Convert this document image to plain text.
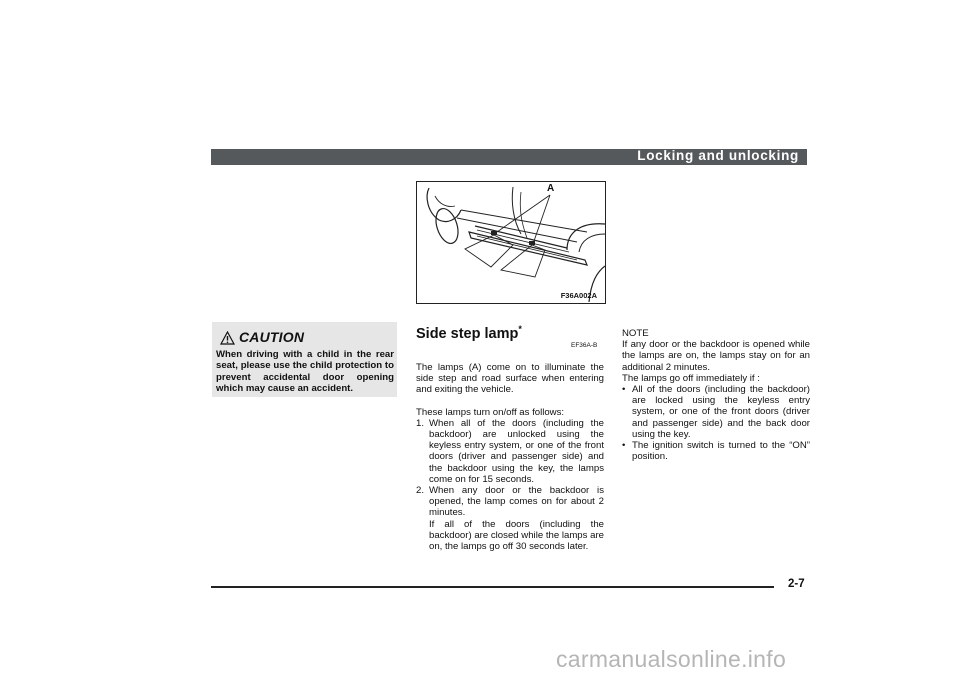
Locking and unlocking
A
F36A002A
CAUTION

When driving with a child in the rear seat, please use the child protection to prevent accidental door opening which may cause an accident.

Side step lamp*
EF36A-B

The lamps (A) come on to illuminate the side step and road surface when entering and exiting the vehicle.

These lamps turn on/off as follows:

1. When all of the doors (including the backdoor) are unlocked using the keyless entry system, or one of the front doors (driver and passenger side) and the backdoor using the key, the lamps come on for 15 seconds.
2. When any door or the backdoor is opened, the lamp comes on for about 2 minutes.

If all of the doors (including the backdoor) are closed while the lamps are on, the lamps go off 30 seconds later.

NOTE

If any door or the backdoor is opened while the lamps are on, the lamps stay on for an additional 2 minutes.

The lamps go off immediately if :

• All of the doors (including the backdoor) are locked using the keyless entry system, or one of the front doors (driver and passenger side) and the back door using the key.
• The ignition switch is turned to the “ON” position.
2-7
carmanualsonline.info
